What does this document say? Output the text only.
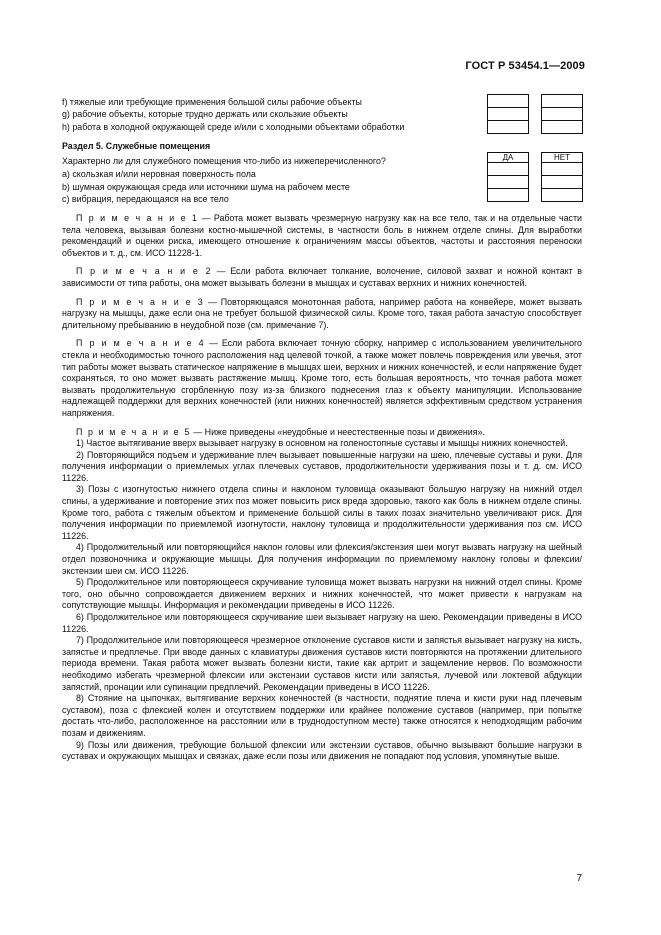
ГОСТ Р 53454.1—2009
f) тяжелые или требующие применения большой силы рабочие объекты
g) рабочие объекты, которые трудно держать или скользкие объекты
h) работа в холодной окружающей среде и/или с холодными объектами обработки
Раздел 5. Служебные помещения
Характерно ли для служебного помещения что-либо из нижеперечисленного?
а) скользкая и/или неровная поверхность пола
b) шумная окружающая среда или источники шума на рабочем месте
c) вибрация, передающаяся на все тело
ДА	НЕТ

П р и м е ч а н и е 1 — Работа может вызвать чрезмерную нагрузку как на все тело, так и на отдельные части тела человека, вызывая болезни костно-мышечной системы, в частности боль в нижнем отделе спины. Для выработки рекомендаций и оценки риска, имеющего отношение к ограничениям массы объектов, частоты и расстояния переноски объектов и т. д., см. ИСО 11228-1.

П р и м е ч а н и е 2 — Если работа включает толкание, волочение, силовой захват и ножной контакт в зависимости от типа работы, она может вызывать болезни в мышцах и суставах верхних и нижних конечностей.

П р и м е ч а н и е 3 — Повторяющаяся монотонная работа, например работа на конвейере, может вызвать нагрузку на мышцы, даже если она не требует большой физической силы. Кроме того, такая работа зачастую способствует длительному пребыванию в неудобной позе (см. примечание 7).

П р и м е ч а н и е 4 — Если работа включает точную сборку, например с использованием увеличительного стекла и необходимостью точного расположения над целевой точкой, а также может повлечь повреждения или увечья, этот тип работы может вызвать статическое напряжение в мышцах шеи, верхних и нижних конечностей, и если напряжение будет сохраняться, то оно может вызвать растяжение мышц. Кроме того, есть большая вероятность, что точная работа может вызвать продолжительную сгорбленную позу из-за близкого поднесения глаз к объекту манипуляции. Использование надлежащей поддержки для верхних конечностей (или нижних конечностей) является эффективным средством устранения напряжения.

П р и м е ч а н и е 5 — Ниже приведены «неудобные и неестественные позы и движения».

1) Частое вытягивание вверх вызывает нагрузку в основном на голеностопные суставы и мышцы нижних конечностей.

2) Повторяющийся подъем и удерживание плеч вызывает повышенные нагрузки на шею, плечевые суставы и руки. Для получения информации о приемлемых углах плечевых суставов, продолжительности удерживания позы и т. д. см. ИСО 11226.

3) Позы с изогнутостью нижнего отдела спины и наклоном туловища оказывают большую нагрузку на нижний отдел спины, а удерживание и повторение этих поз может повысить риск вреда здоровью, такого как боль в нижнем отделе спины. Кроме того, работа с тяжелым объектом и применение большой силы в таких позах значительно увеличивают риск. Для получения информации по приемлемой изогнутости, наклону туловища и продолжительности удерживания поз см. ИСО 11226.

4) Продолжительный или повторяющийся наклон головы или флексия/экстензия шеи могут вызвать нагрузку на шейный отдел позвоночника и окружающие мышцы. Для получения информации по приемлемому наклону головы и флексии/экстензии шеи см. ИСО 11226.

5) Продолжительное или повторяющееся скручивание туловища может вызвать нагрузки на нижний отдел спины. Кроме того, оно обычно сопровождается движением верхних и нижних конечностей, что может привести к нагрузкам на сопутствующие мышцы. Информация и рекомендации приведены в ИСО 11226.

6) Продолжительное или повторяющееся скручивание шеи вызывает нагрузку на шею. Рекомендации приведены в ИСО 11226.

7) Продолжительное или повторяющееся чрезмерное отклонение суставов кисти и запястья вызывает нагрузку на кисть, запястье и предплечье. При вводе данных с клавиатуры движения суставов кисти повторяются на протяжении длительного периода времени. Такая работа может вызвать болезни кисти, такие как артрит и защемление нервов. По возможности необходимо избегать чрезмерной флексии или экстензии суставов кисти или запястья, лучевой или локтевой абдукции запястий, пронации или супинации предплечий. Рекомендации приведены в ИСО 11226.

8) Стояние на цыпочках, вытягивание верхних конечностей (в частности, поднятие плеча и кисти руки над плечевым суставом), поза с флексией колен и отсутствием поддержки или крайнее положение суставов (например, при попытке достать что-либо, расположенное на расстоянии или в труднодоступном месте) также относятся к неподходящим рабочим позам и движениям.

9) Позы или движения, требующие большой флексии или экстензии суставов, обычно вызывают большие нагрузки в суставах и окружающих мышцах и связках, даже если позы или движения не попадают под условия, упомянутые выше.

7
